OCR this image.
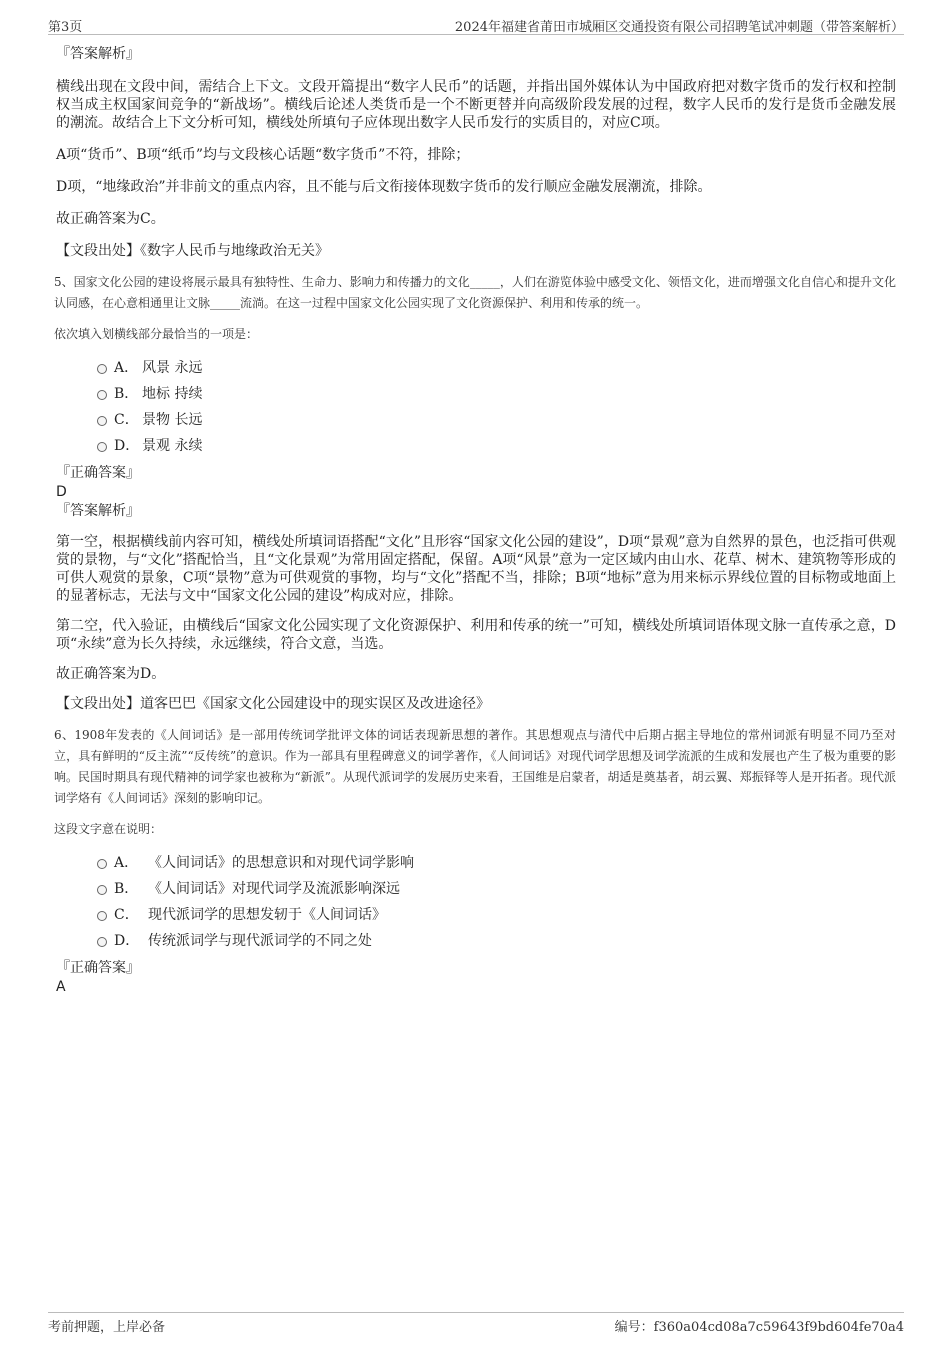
第3页	2024年福建省莆田市城厢区交通投资有限公司招聘笔试冲刺题（带答案解析）

『答案解析』

横线出现在文段中间，需结合上下文。文段开篇提出“数字人民币”的话题，并指出国外媒体认为中国政府把对数字货币的发行权和控制权当成主权国家间竞争的“新战场”。横线后论述人类货币是一个不断更替并向高级阶段发展的过程，数字人民币的发行是货币金融发展的潮流。故结合上下文分析可知，横线处所填句子应体现出数字人民币发行的实质目的，对应C项。

A项“货币”、B项“纸币”均与文段核心话题“数字货币”不符，排除；

D项，“地缘政治”并非前文的重点内容，且不能与后文衔接体现数字货币的发行顺应金融发展潮流，排除。

故正确答案为C。

【文段出处】《数字人民币与地缘政治无关》

5、国家文化公园的建设将展示最具有独特性、生命力、影响力和传播力的文化_____，人们在游览体验中感受文化、领悟文化，进而增强文化自信心和提升文化认同感，在心意相通里让文脉_____流淌。在这一过程中国家文化公园实现了文化资源保护、利用和传承的统一。

依次填入划横线部分最恰当的一项是：

A． 风景 永远
B． 地标 持续
C． 景物 长远
D． 景观 永续

『正确答案』

D

『答案解析』

第一空，根据横线前内容可知，横线处所填词语搭配“文化”且形容“国家文化公园的建设”，D项“景观”意为自然界的景色，也泛指可供观赏的景物，与“文化”搭配恰当，且“文化景观”为常用固定搭配，保留。A项“风景”意为一定区域内由山水、花草、树木、建筑物等形成的可供人观赏的景象，C项“景物”意为可供观赏的事物，均与“文化”搭配不当，排除；B项“地标”意为用来标示界线位置的目标物或地面上的显著标志，无法与文中“国家文化公园的建设”构成对应，排除。

第二空，代入验证，由横线后“国家文化公园实现了文化资源保护、利用和传承的统一”可知，横线处所填词语体现文脉一直传承之意，D项“永续”意为长久持续，永远继续，符合文意，当选。

故正确答案为D。

【文段出处】道客巴巴《国家文化公园建设中的现实误区及改进途径》

6、1908年发表的《人间词话》是一部用传统词学批评文体的词话表现新思想的著作。其思想观点与清代中后期占据主导地位的常州词派有明显不同乃至对立，具有鲜明的“反主流”“反传统”的意识。作为一部具有里程碑意义的词学著作，《人间词话》对现代词学思想及词学流派的生成和发展也产生了极为重要的影响。民国时期具有现代精神的词学家也被称为“新派”。从现代派词学的发展历史来看，王国维是启蒙者，胡适是奠基者，胡云翼、郑振铎等人是开拓者。现代派词学烙有《人间词话》深刻的影响印记。

这段文字意在说明：

A． 《人间词话》的思想意识和对现代词学影响
B． 《人间词话》对现代词学及流派影响深远
C． 现代派词学的思想发轫于《人间词话》
D． 传统派词学与现代派词学的不同之处

『正确答案』

A

考前押题，上岸必备	编号：f360a04cd08a7c59643f9bd604fe70a4
